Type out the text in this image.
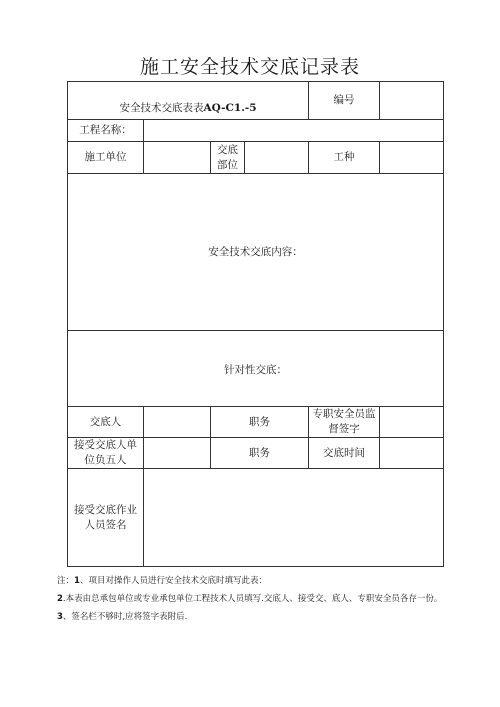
施工安全技术交底记录表
安全技术交底表表AQ-C1.-5				编号	
工程名称：					
施工单位		交底部位		工种	
安全技术交底内容：					
针对性交底：					
交底人		职务		专职安全员监督签字	
接受交底人单位负五人		职务		交底时间	
接受交底作业人员签名					
注：1、项目对操作人员进行安全技术交底时填写此表：
2.本表由总承包单位或专业承包单位工程技术人员填写.交底人、接受交、底人、专职安全员各存一份。
3、签名栏不够时,应将签字表附后.
